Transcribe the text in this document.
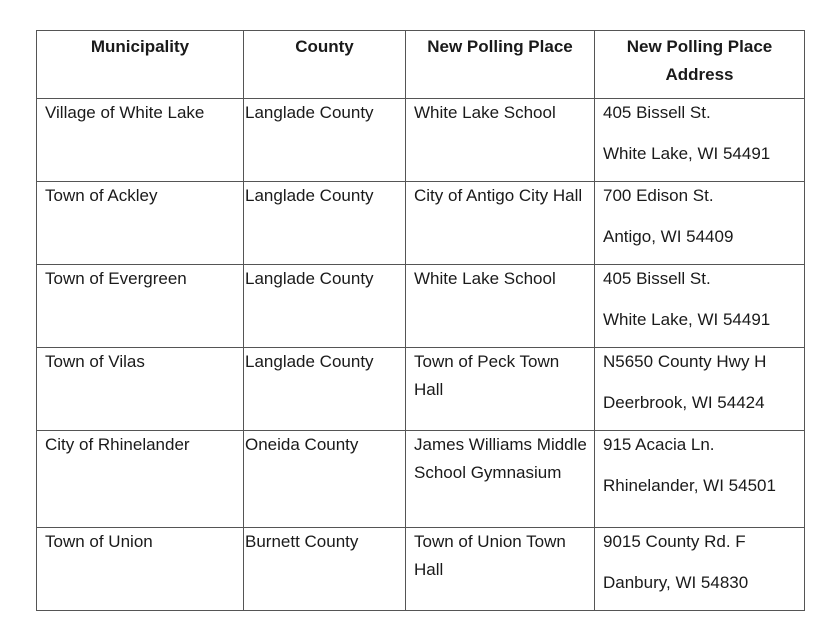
Municipality	County	New Polling Place	New Polling Place Address
Village of White Lake	Langlade County	White Lake School	405 Bissell St.
White Lake, WI 54491

Town of Ackley	Langlade County	City of Antigo City Hall	700 Edison St.
Antigo, WI 54409

Town of Evergreen	Langlade County	White Lake School	405 Bissell St.
White Lake, WI 54491

Town of Vilas	Langlade County	Town of Peck Town Hall	N5650 County Hwy H
Deerbrook, WI 54424

City of Rhinelander	Oneida County	James Williams Middle School Gymnasium	915 Acacia Ln.
Rhinelander, WI 54501

Town of Union	Burnett County	Town of Union Town Hall	9015 County Rd. F
Danbury, WI 54830
